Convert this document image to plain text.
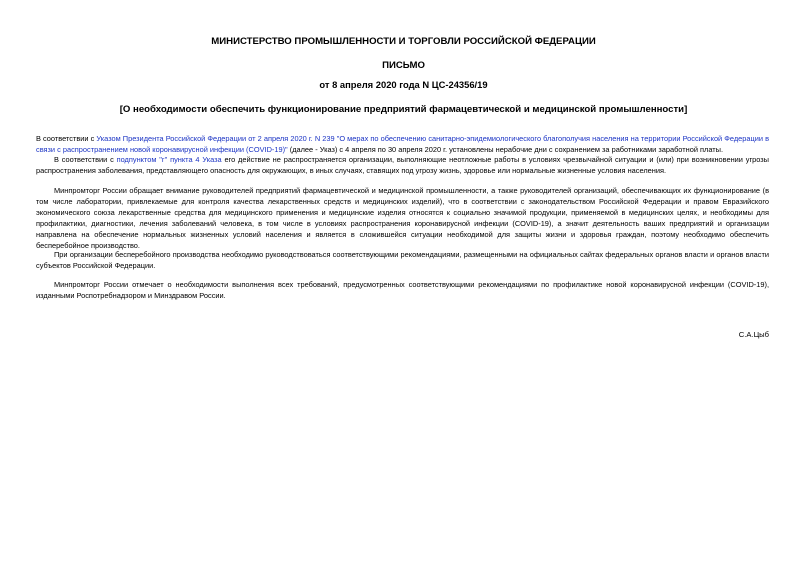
МИНИСТЕРСТВО ПРОМЫШЛЕННОСТИ И ТОРГОВЛИ РОССИЙСКОЙ ФЕДЕРАЦИИ
ПИСЬМО
от 8 апреля 2020 года N ЦС-24356/19
[О необходимости обеспечить функционирование предприятий фармацевтической и медицинской промышленности]

В соответствии с Указом Президента Российской Федерации от 2 апреля 2020 г. N 239 "О мерах по обеспечению санитарно-эпидемиологического благополучия населения на территории Российской Федерации в связи с распространением новой коронавирусной инфекции (COVID-19)" (далее - Указ) с 4 апреля по 30 апреля 2020 г. установлены нерабочие дни с сохранением за работниками заработной платы.

В соответствии с подпунктом "г" пункта 4 Указа его действие не распространяется организации, выполняющие неотложные работы в условиях чрезвычайной ситуации и (или) при возникновении угрозы распространения заболевания, представляющего опасность для окружающих, в иных случаях, ставящих под угрозу жизнь, здоровье или нормальные жизненные условия населения.

Минпромторг России обращает внимание руководителей предприятий фармацевтической и медицинской промышленности, а также руководителей организаций, обеспечивающих их функционирование (в том числе лаборатории, привлекаемые для контроля качества лекарственных средств и медицинских изделий), что в соответствии с законодательством Российской Федерации и правом Евразийского экономического союза лекарственные средства для медицинского применения и медицинские изделия относятся к социально значимой продукции, применяемой в медицинских целях, и необходимы для профилактики, диагностики, лечения заболеваний человека, в том числе в условиях распространения коронавирусной инфекции (COVID-19), а значит деятельность ваших предприятий и организации направлена на обеспечение нормальных жизненных условий населения и является в сложившейся ситуации необходимой для защиты жизни и здоровья граждан, поэтому необходимо обеспечить бесперебойное производство.

При организации бесперебойного производства необходимо руководствоваться соответствующими рекомендациями, размещенными на официальных сайтах федеральных органов власти и органов власти субъектов Российской Федерации.

Минпромторг России отмечает о необходимости выполнения всех требований, предусмотренных соответствующими рекомендациями по профилактике новой коронавирусной инфекции (COVID-19), изданными Роспотребнадзором и Минздравом России.

С.А.Цыб
